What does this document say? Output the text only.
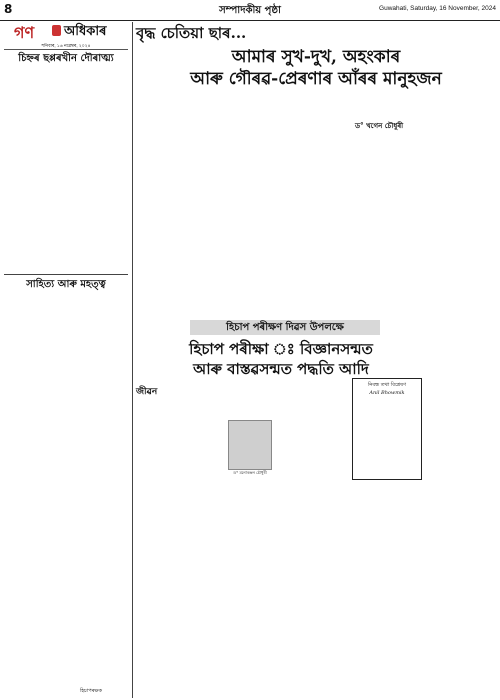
8	সম্পাদকীয় পৃষ্ঠা	Guwahati, Saturday, 16 November, 2024
গণ অধিকাৰ
শনিবাৰ, ১৬ নৱেম্বৰ, ২০২৪
বৃদ্ধ চেতিয়া ছাৰ...
চিহ্নৰ ছপ্পৰখীন দৌৰাত্ম্য
সাহিত্য আৰু মহত্ত্ব
হিচাপৰক্ষক
আমাৰ সুখ-দুখ, অহংকাৰ
আৰু গৌৰৱ-প্ৰেৰণাৰ আঁৰৰ মানুহজন
ড° খগেন চৌধুৰী
হিচাপ পৰীক্ষণ দিৱস উপলক্ষে
হিচাপ পৰীক্ষা ঃ বিজ্ঞানসন্মত
আৰু বাস্তৱসন্মত পদ্ধতি আদি
জীৱন
ড° মনোৰঞ্জন চৌধুৰী
নিবন্ধ তথা বিশ্লেষণ
Anil Bhowmik
